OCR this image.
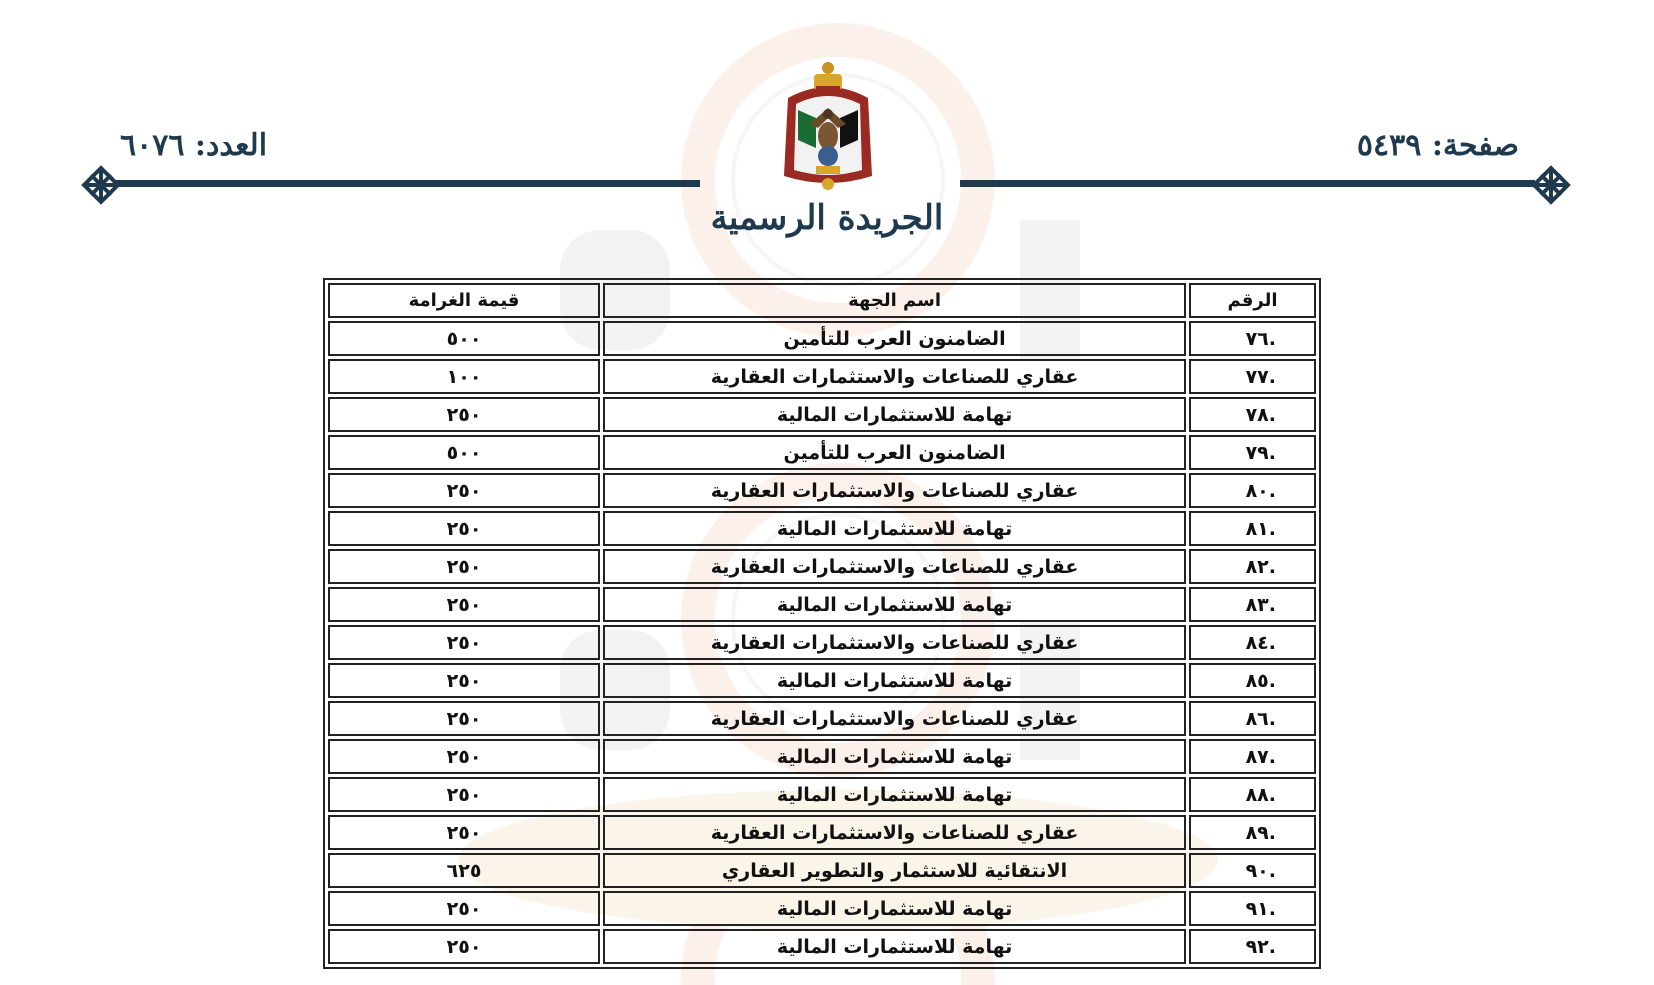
العدد: ٦٠٧٦	صفحة: ٥٤٣٩
الجريدة الرسمية
الرقم	اسم الجهة	قيمة الغرامة
.٧٦	الضامنون العرب للتأمين	٥٠٠
.٧٧	عقاري للصناعات والاستثمارات العقارية	١٠٠
.٧٨	تهامة للاستثمارات المالية	٢٥٠
.٧٩	الضامنون العرب للتأمين	٥٠٠
.٨٠	عقاري للصناعات والاستثمارات العقارية	٢٥٠
.٨١	تهامة للاستثمارات المالية	٢٥٠
.٨٢	عقاري للصناعات والاستثمارات العقارية	٢٥٠
.٨٣	تهامة للاستثمارات المالية	٢٥٠
.٨٤	عقاري للصناعات والاستثمارات العقارية	٢٥٠
.٨٥	تهامة للاستثمارات المالية	٢٥٠
.٨٦	عقاري للصناعات والاستثمارات العقارية	٢٥٠
.٨٧	تهامة للاستثمارات المالية	٢٥٠
.٨٨	تهامة للاستثمارات المالية	٢٥٠
.٨٩	عقاري للصناعات والاستثمارات العقارية	٢٥٠
.٩٠	الانتقائية للاستثمار والتطوير العقاري	٦٢٥
.٩١	تهامة للاستثمارات المالية	٢٥٠
.٩٢	تهامة للاستثمارات المالية	٢٥٠
